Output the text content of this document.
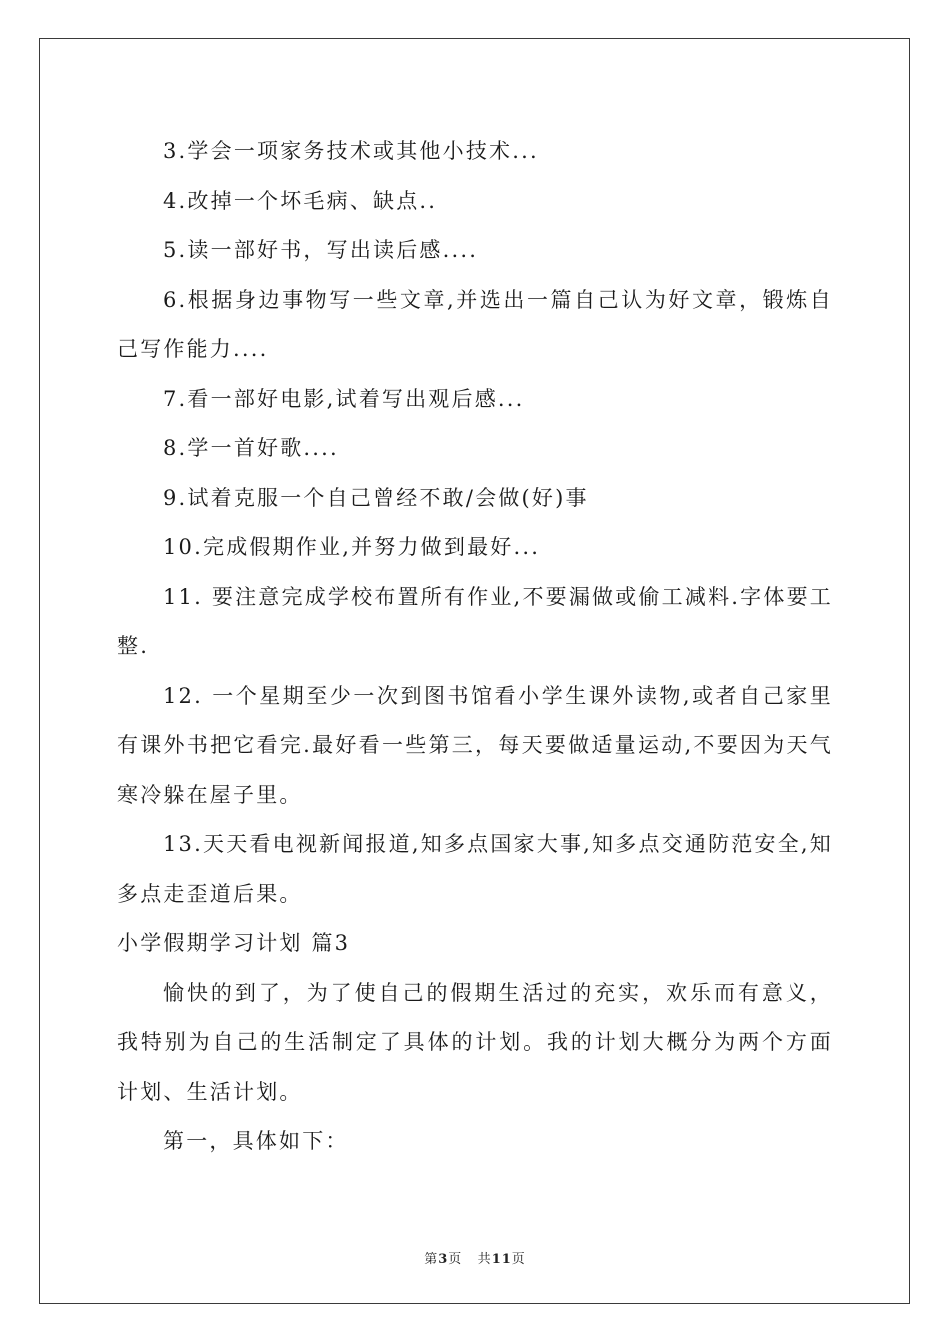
3.学会一项家务技术或其他小技术...

4.改掉一个坏毛病、缺点..

5.读一部好书，写出读后感....

6.根据身边事物写一些文章,并选出一篇自己认为好文章，锻炼自己写作能力....

7.看一部好电影,试着写出观后感...

8.学一首好歌....

9.试着克服一个自己曾经不敢/会做(好)事

10.完成假期作业,并努力做到最好...

11. 要注意完成学校布置所有作业,不要漏做或偷工减料.字体要工整.

12. 一个星期至少一次到图书馆看小学生课外读物,或者自己家里有课外书把它看完.最好看一些第三，每天要做适量运动,不要因为天气寒冷躲在屋子里。

13.天天看电视新闻报道,知多点国家大事,知多点交通防范安全,知多点走歪道后果。

小学假期学习计划 篇3

愉快的到了，为了使自己的假期生活过的充实，欢乐而有意义，我特别为自己的生活制定了具体的计划。我的计划大概分为两个方面计划、生活计划。

第一，具体如下：

第3页 共11页
